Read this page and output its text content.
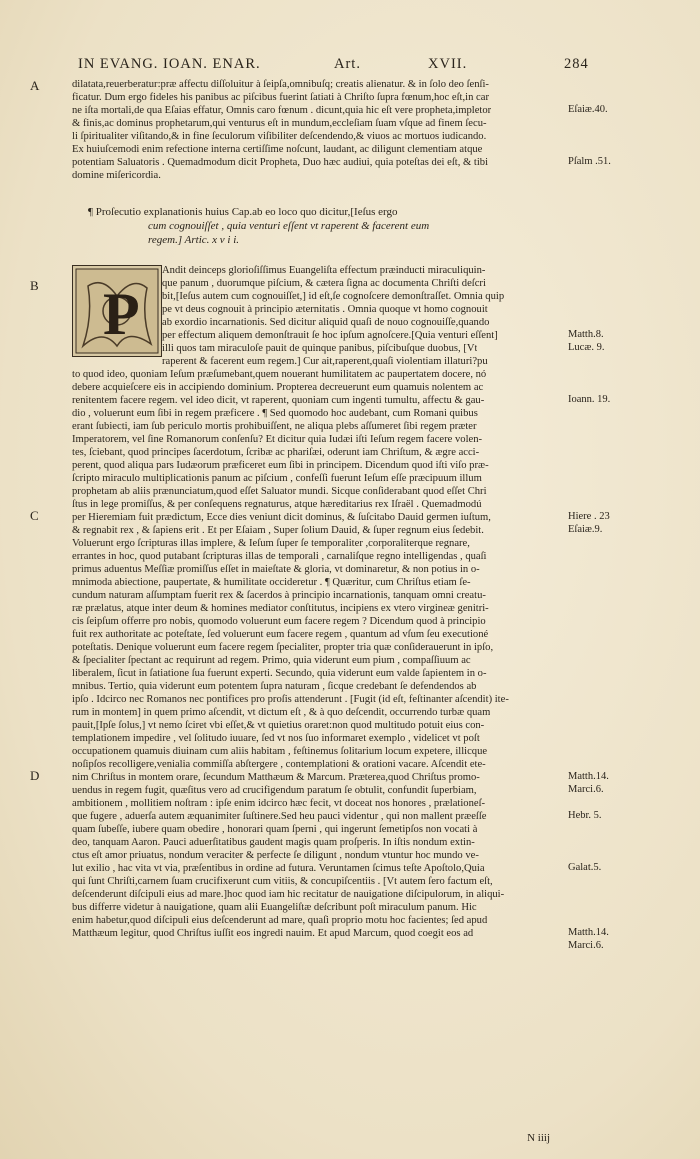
IN EVANG. IOAN. ENAR.	Art.	XVII.	284
A
B
C
D
dilatata,reuerberatur:præ affectu diſſoluitur à ſeipſa,omnibuſq; creatis alienatur. & in ſolo deo ſenſi-
ficatur. Dum ergo fideles his panibus ac piſcibus fuerint ſatiati à Chriſto ſupra fœnum,hoc eſt,in car
ne iſta mortali,de qua Eſaias effatur, Omnis caro fœnum . dicunt,quia hic eſt vere propheta,impletor
& finis,ac dominus prophetarum,qui venturus eſt in mundum,eccleſiam ſuam vſque ad finem ſecu-
li ſpiritualiter viſitando,& in fine ſeculorum viſibiliter deſcendendo,& viuos ac mortuos iudicando.
Ex huiuſcemodi enim refectione interna certiſſime noſcunt, laudant, ac diligunt clementiam atque
potentiam Saluatoris . Quemadmodum dicit Propheta, Duo hæc audiui, quia poteſtas dei eſt, & tibi
domine miſericordia.
¶ Proſecutio explanationis huius Cap.ab eo loco quo dicitur,[Ieſus ergo
cum cognouiſſet , quia venturi eſſent vt raperent & facerent eum
regem.] Artic. x v i i.
P
Andit deinceps glorioſiſſimus Euangeliſta effectum præinducti miraculiquin-
que panum , duorumque piſcium, & cætera ſigna ac documenta Chriſti deſcri
bit,[Ieſus autem cum cognouiſſet,] id eſt,ſe cognoſcere demonſtraſſet. Omnia quip
pe vt deus cognouit à principio æternitatis . Omnia quoque vt homo cognouit
ab exordio incarnationis. Sed dicitur aliquid quaſi de nouo cognouiſſe,quando
per effectum aliquem demonſtrauit ſe hoc ipſum agnoſcere.[Quia venturi eſſent]
illi quos tam miraculoſe pauit de quinque panibus, piſcibuſque duobus, [Vt
raperent & facerent eum regem.] Cur ait,raperent,quaſi violentiam illaturi?pu
to quod ideo, quoniam Ieſum præſumebant,quem nouerant humilitatem ac paupertatem docere, nó
debere acquieſcere eis in accipiendo dominium. Propterea decreuerunt eum quamuis nolentem ac
renitentem facere regem. vel ideo dicit, vt raperent, quoniam cum ingenti tumultu, affectu & gau-
dio , voluerunt eum ſibi in regem præficere . ¶ Sed quomodo hoc audebant, cum Romani quibus
erant ſubiecti, iam ſub periculo mortis prohibuiſſent, ne aliqua plebs aſſumeret ſibi regem præter
Imperatorem, vel ſine Romanorum conſenſu? Et dicitur quia Iudæi iſti Ieſum regem facere volen-
tes, ſciebant, quod principes ſacerdotum, ſcribæ ac phariſæi, oderunt iam Chriſtum, & ægre acci-
perent, quod aliqua pars Iudæorum præficeret eum ſibi in principem. Dicendum quod iſti viſo præ-
ſcripto miraculo multiplicationis panum ac piſcium , confeſſi fuerunt Ieſum eſſe præcipuum illum
prophetam ab aliis prænunciatum,quod eſſet Saluator mundi. Sicque conſiderabant quod eſſet Chri
ſtus in lege promiſſus, & per conſequens regnaturus, atque hæreditarius rex Iſraël . Quemadmodú
per Hieremiam fuit prædictum, Ecce dies veniunt dicit dominus, & ſuſcitabo Dauid germen iuſtum,
& regnabit rex , & ſapiens erit . Et per Eſaiam , Super ſolium Dauid, & ſuper regnum eius ſedebit.
Voluerunt ergo ſcripturas illas implere, & Ieſum ſuper ſe temporaliter ,corporaliterque regnare,
errantes in hoc, quod putabant ſcripturas illas de temporali , carnaliſque regno intelligendas , quaſi
primus aduentus Meſſiæ promiſſus eſſet in maieſtate & gloria, vt dominaretur, & non potius in o-
mnimoda abiectione, paupertate, & humilitate occideretur . ¶ Quæritur, cum Chriſtus etiam ſe-
cundum naturam aſſumptam fuerit rex & ſacerdos à principio incarnationis, tanquam omni creatu-
ræ prælatus, atque inter deum & homines mediator conſtitutus, incipiens ex vtero virgineæ genitri-
cis ſeipſum offerre pro nobis, quomodo voluerunt eum facere regem ? Dicendum quod à principio
fuit rex authoritate ac poteſtate, ſed voluerunt eum facere regem , quantum ad vſum ſeu executioné
poteſtatis. Denique voluerunt eum facere regem ſpecialiter, propter tria quæ conſiderauerunt in ipſo,
& ſpecialiter ſpectant ac requirunt ad regem. Primo, quia viderunt eum pium , compaſſiuum ac
liberalem, ſicut in ſatiatione ſua fuerunt experti. Secundo, quia viderunt eum valde ſapientem in o-
mnibus. Tertio, quia viderunt eum potentem ſupra naturam , ſicque credebant ſe defendendos ab
ipſo . Idcirco nec Romanos nec pontifices pro proſis attenderunt . [Fugit (id eſt, feſtinanter aſcendit) ite-
rum in montem] in quem primo aſcendit, vt dictum eſt , & à quo deſcendit, occurrendo turbæ quam
pauit,[Ipſe ſolus,] vt nemo ſciret vbi eſſet,& vt quietius oraret:non quod multitudo potuit eius con-
templationem impedire , vel ſolitudo iuuare, ſed vt nos ſuo informaret exemplo , videlicet vt poſt
occupationem quamuis diuinam cum aliis habitam , feſtinemus ſolitarium locum expetere, illicque
noſipſos recolligere,venialia commiſſa abſtergere , contemplationi & orationi vacare. Aſcendit ete-
nim Chriſtus in montem orare, ſecundum Matthæum & Marcum. Præterea,quod Chriſtus promo-
uendus in regem fugit, quæſitus vero ad crucifigendum paratum ſe obtulit, confundit ſuperbiam,
ambitionem , mollitiem noſtram : ipſe enim idcirco hæc fecit, vt doceat nos honores , prælationeſ-
que fugere , aduerſa autem æquanimiter ſuſtinere.Sed heu pauci videntur , qui non mallent præeſſe
quam ſubeſſe, iubere quam obedire , honorari quam ſperni , qui ingerunt ſemetipſos non vocati à
deo, tanquam Aaron. Pauci aduerſitatibus gaudent magis quam proſperis. In iſtis nondum extin-
ctus eſt amor priuatus, nondum veraciter & perfecte ſe diligunt , nondum vtuntur hoc mundo ve-
lut exilio , hac vita vt via, præſentibus in ordine ad futura. Veruntamen ſcimus teſte Apoſtolo,Quia
qui ſunt Chriſti,carnem ſuam crucifixerunt cum vitiis, & concupiſcentiis . [Vt autem ſero factum eſt,
deſcenderunt diſcipuli eius ad mare.]hoc quod iam hic recitatur de nauigatione diſcipulorum, in aliqui-
bus differre videtur à nauigatione, quam alii Euangeliſtæ deſcribunt poſt miraculum panum. Hic
enim habetur,quod diſcipuli eius deſcenderunt ad mare, quaſi proprio motu hoc facientes; ſed apud
Matthæum legitur, quod Chriſtus iuſſit eos ingredi nauim. Et apud Marcum, quod coegit eos ad
Eſaiæ.40.
Pſalm .51.
Matth.8.
Lucæ. 9.
Ioann. 19.
Hiere . 23
Eſaiæ.9.
Matth.14.
Marci.6.
Hebr. 5.
Galat.5.
Matth.14.
Marci.6.
N iiij
